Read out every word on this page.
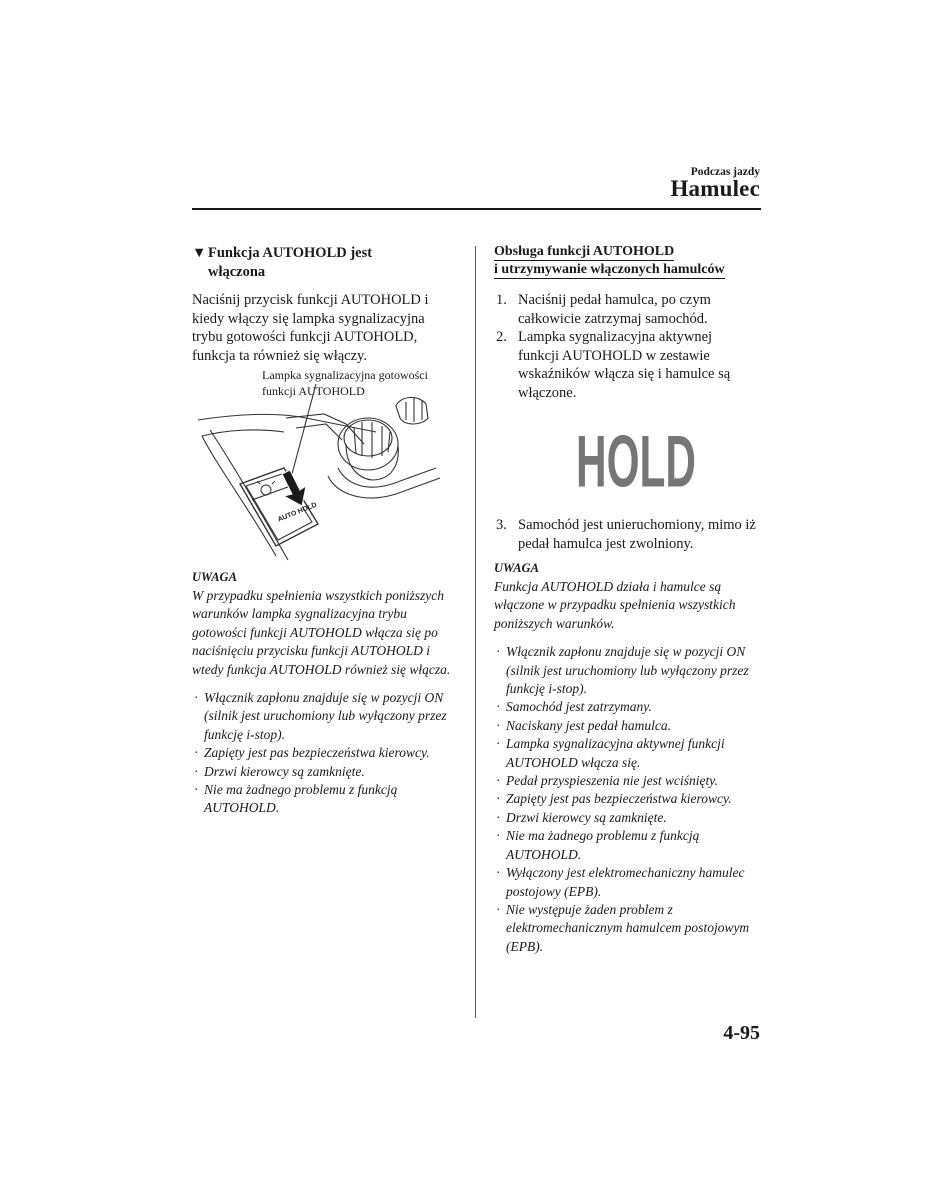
Podczas jazdy
Hamulec
▼ Funkcja AUTOHOLD jest włączona
Naciśnij przycisk funkcji AUTOHOLD i kiedy włączy się lampka sygnalizacyjna trybu gotowości funkcji AUTOHOLD, funkcja ta również się włączy.
Lampka sygnalizacyjna gotowości funkcji AUTOHOLD
AUTO HOLD
UWAGA
W przypadku spełnienia wszystkich poniższych warunków lampka sygnalizacyjna trybu gotowości funkcji AUTOHOLD włącza się po naciśnięciu przycisku funkcji AUTOHOLD i wtedy funkcja AUTOHOLD również się włącza.
· Włącznik zapłonu znajduje się w pozycji ON (silnik jest uruchomiony lub wyłączony przez funkcję i-stop).
· Zapięty jest pas bezpieczeństwa kierowcy.
· Drzwi kierowcy są zamknięte.
· Nie ma żadnego problemu z funkcją AUTOHOLD.
Obsługa funkcji AUTOHOLD
i utrzymywanie włączonych hamulców
1. Naciśnij pedał hamulca, po czym całkowicie zatrzymaj samochód.
2. Lampka sygnalizacyjna aktywnej funkcji AUTOHOLD w zestawie wskaźników włącza się i hamulce są włączone.
HOLD
3. Samochód jest unieruchomiony, mimo iż pedał hamulca jest zwolniony.
UWAGA
Funkcja AUTOHOLD działa i hamulce są włączone w przypadku spełnienia wszystkich poniższych warunków.
· Włącznik zapłonu znajduje się w pozycji ON (silnik jest uruchomiony lub wyłączony przez funkcję i-stop).
· Samochód jest zatrzymany.
· Naciskany jest pedał hamulca.
· Lampka sygnalizacyjna aktywnej funkcji AUTOHOLD włącza się.
· Pedał przyspieszenia nie jest wciśnięty.
· Zapięty jest pas bezpieczeństwa kierowcy.
· Drzwi kierowcy są zamknięte.
· Nie ma żadnego problemu z funkcją AUTOHOLD.
· Wyłączony jest elektromechaniczny hamulec postojowy (EPB).
· Nie występuje żaden problem z elektromechanicznym hamulcem postojowym (EPB).
4-95
